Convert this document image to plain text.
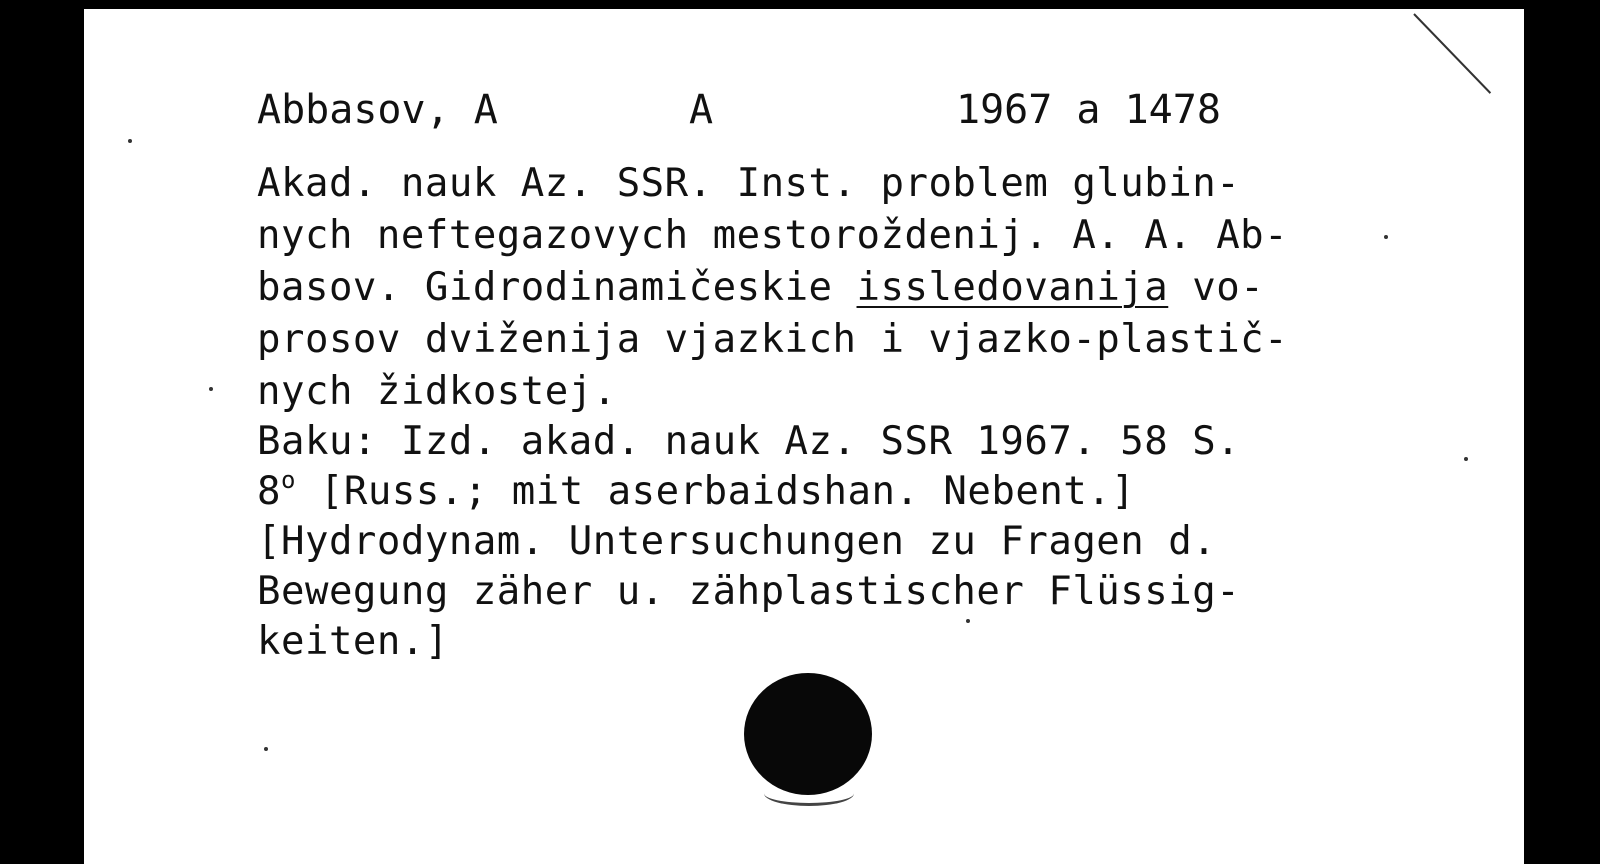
Abbasov, A	A	1967 a 1478

Akad. nauk Az. SSR. Inst. problem glubin-

nych neftegazovych mestoroždenij. A. A. Ab-

basov. Gidrodinamičeskie issledovanija vo-

prosov dviženija vjazkich i vjazko-plastič-

nych židkostej.

Baku: Izd. akad. nauk Az. SSR 1967. 58 S.

8$^o$ [Russ.; mit aserbaidshan. Nebent.]

[Hydrodynam. Untersuchungen zu Fragen d.

Bewegung zäher u. zähplastischer Flüssig-

keiten.]
